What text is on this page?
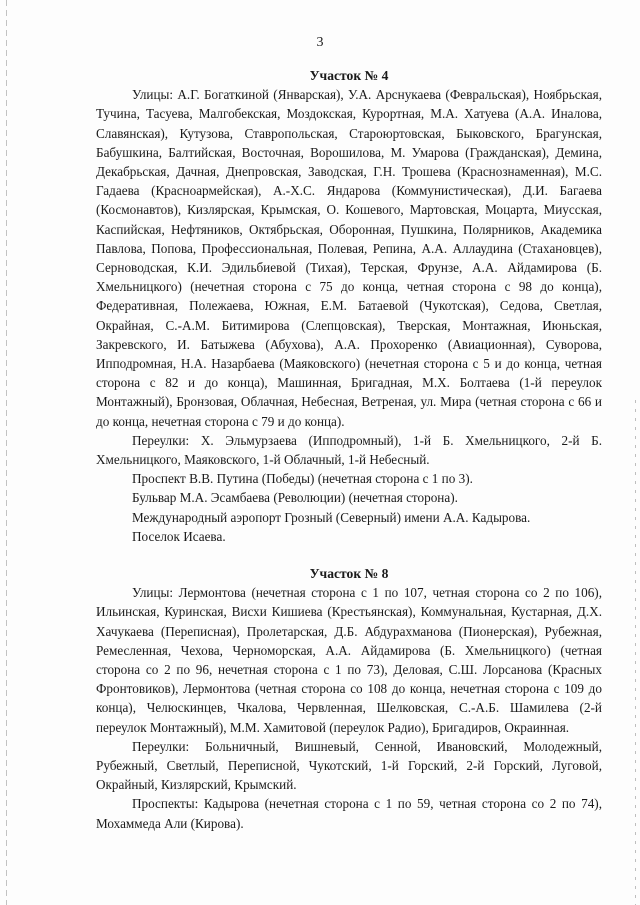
3
Участок № 4

Улицы: А.Г. Богаткиной (Январская), У.А. Арснукаева (Февральская), Ноябрьская, Тучина, Тасуева, Малгобекская, Моздокская, Курортная, М.А. Хатуева (А.А. Иналова, Славянская), Кутузова, Ставропольская, Староюртовская, Быковского, Брагунская, Бабушкина, Балтийская, Восточная, Ворошилова, М. Умарова (Гражданская), Демина, Декабрьская, Дачная, Днепровская, Заводская, Г.Н. Трошева (Краснознаменная), М.С. Гадаева (Красноармейская), А.-Х.С. Яндарова (Коммунистическая), Д.И. Багаева (Космонавтов), Кизлярская, Крымская, О. Кошевого, Мартовская, Моцарта, Миусская, Каспийская, Нефтяников, Октябрьская, Оборонная, Пушкина, Полярников, Академика Павлова, Попова, Профессиональная, Полевая, Репина, А.А. Аллаудина (Стахановцев), Серноводская, К.И. Эдильбиевой (Тихая), Терская, Фрунзе, А.А. Айдамирова (Б. Хмельницкого) (нечетная сторона с 75 до конца, четная сторона с 98 до конца), Федеративная, Полежаева, Южная, Е.М. Батаевой (Чукотская), Седова, Светлая, Окрайная, С.-А.М. Битимирова (Слепцовская), Тверская, Монтажная, Июньская, Закревского, И. Батыжева (Абухова), А.А. Прохоренко (Авиационная), Суворова, Ипподромная, Н.А. Назарбаева (Маяковского) (нечетная сторона с 5 и до конца, четная сторона с 82 и до конца), Машинная, Бригадная, М.Х. Болтаева (1-й переулок Монтажный), Бронзовая, Облачная, Небесная, Ветреная, ул. Мира (четная сторона с 66 и до конца, нечетная сторона с 79 и до конца).

Переулки: Х. Эльмурзаева (Ипподромный), 1-й Б. Хмельницкого, 2-й Б. Хмельницкого, Маяковского, 1-й Облачный, 1-й Небесный.

Проспект В.В. Путина (Победы) (нечетная сторона с 1 по 3).

Бульвар М.А. Эсамбаева (Революции) (нечетная сторона).

Международный аэропорт Грозный (Северный) имени А.А. Кадырова.

Поселок Исаева.

Участок № 8

Улицы: Лермонтова (нечетная сторона с 1 по 107, четная сторона со 2 по 106), Ильинская, Куринская, Висхи Кишиева (Крестьянская), Коммунальная, Кустарная, Д.Х. Хачукаева (Переписная), Пролетарская, Д.Б. Абдурахманова (Пионерская), Рубежная, Ремесленная, Чехова, Черноморская, А.А. Айдамирова (Б. Хмельницкого) (четная сторона со 2 по 96, нечетная сторона с 1 по 73), Деловая, С.Ш. Лорсанова (Красных Фронтовиков), Лермонтова (четная сторона со 108 до конца, нечетная сторона с 109 до конца), Челюскинцев, Чкалова, Червленная, Шелковская, С.-А.Б. Шамилева (2-й переулок Монтажный), М.М. Хамитовой (переулок Радио), Бригадиров, Окраинная.

Переулки: Больничный, Вишневый, Сенной, Ивановский, Молодежный, Рубежный, Светлый, Переписной, Чукотский, 1-й Горский, 2-й Горский, Луговой, Окрайный, Кизлярский, Крымский.

Проспекты: Кадырова (нечетная сторона с 1 по 59, четная сторона со 2 по 74), Мохаммеда Али (Кирова).
